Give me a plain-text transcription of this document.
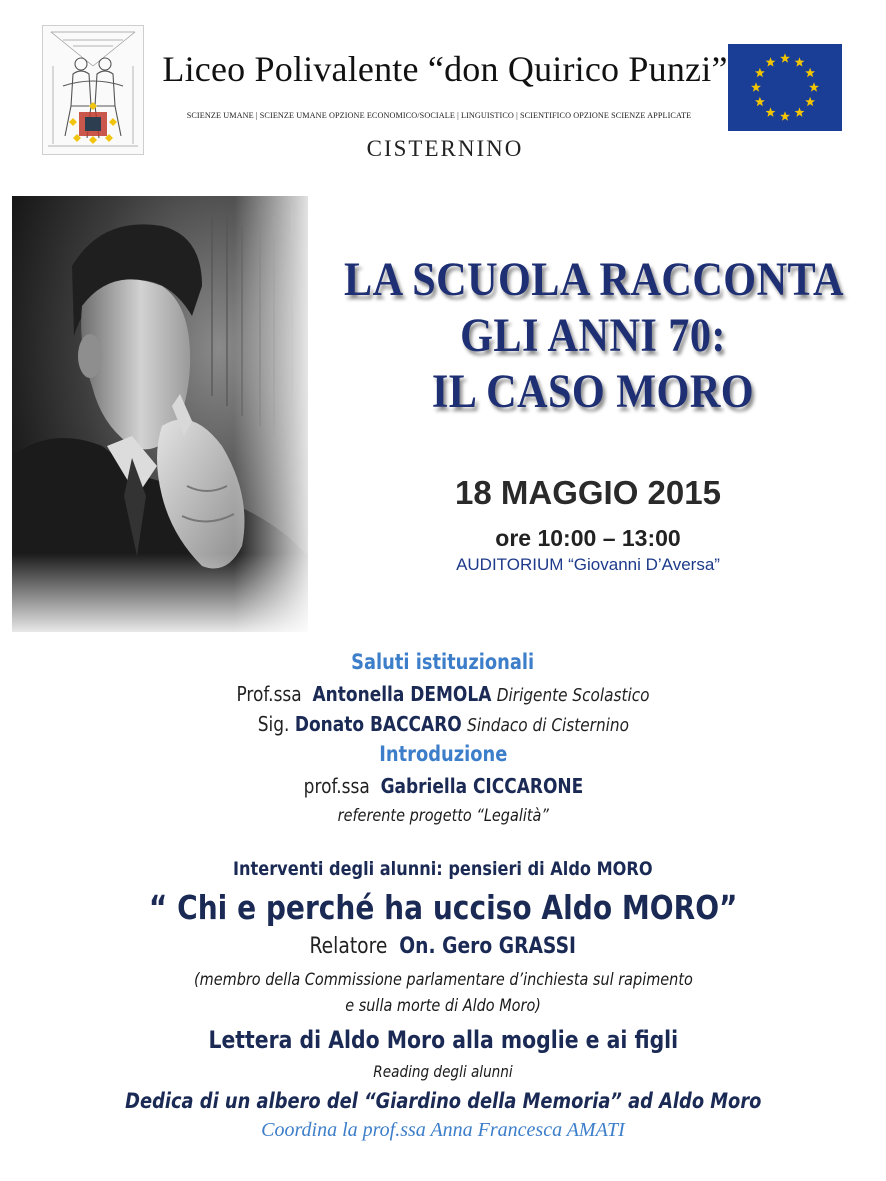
Liceo Polivalente “don Quirico Punzi”
SCIENZE UMANE | SCIENZE UMANE OPZIONE ECONOMICO/SOCIALE | LINGUISTICO | SCIENTIFICO OPZIONE SCIENZE APPLICATE
CISTERNINO
LA SCUOLA RACCONTA
GLI ANNI 70:
IL CASO MORO
18 MAGGIO 2015
ore 10:00 – 13:00
AUDITORIUM “Giovanni D’Aversa”
Saluti istituzionali
Prof.ssa Antonella DEMOLA Dirigente Scolastico
Sig. Donato BACCARO Sindaco di Cisternino
Introduzione
prof.ssa Gabriella CICCARONE
referente progetto “Legalità”
Interventi degli alunni: pensieri di Aldo MORO
“ Chi e perché ha ucciso Aldo MORO”
Relatore On. Gero GRASSI
(membro della Commissione parlamentare d’inchiesta sul rapimento
e sulla morte di Aldo Moro)
Lettera di Aldo Moro alla moglie e ai figli
Reading degli alunni
Dedica di un albero del “Giardino della Memoria” ad Aldo Moro
Coordina la prof.ssa Anna Francesca AMATI
